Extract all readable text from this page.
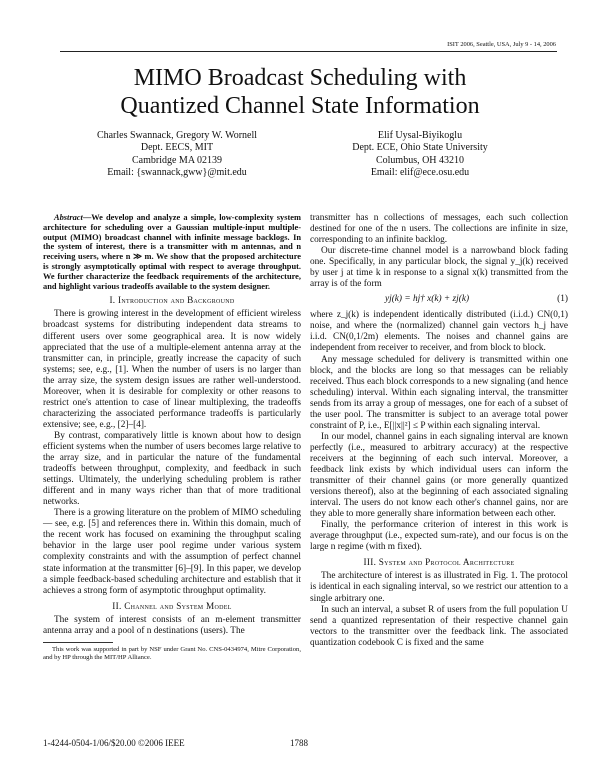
ISIT 2006, Seattle, USA, July 9 - 14, 2006
MIMO Broadcast Scheduling with
Quantized Channel State Information
Charles Swannack, Gregory W. Wornell
Dept. EECS, MIT
Cambridge MA 02139
Email: {swannack,gww}@mit.edu
Elif Uysal-Biyikoglu
Dept. ECE, Ohio State University
Columbus, OH 43210
Email: elif@ece.osu.edu
Abstract—We develop and analyze a simple, low-complexity system architecture for scheduling over a Gaussian multiple-input multiple-output (MIMO) broadcast channel with infinite message backlogs. In the system of interest, there is a transmitter with m antennas, and n receiving users, where n ≫ m. We show that the proposed architecture is strongly asymptotically optimal with respect to average throughput. We further characterize the feedback requirements of the architecture, and highlight various tradeoffs available to the system designer.
I. Introduction and Background

There is growing interest in the development of efficient wireless broadcast systems for distributing independent data streams to different users over some geographical area. It is now widely appreciated that the use of a multiple-element antenna array at the transmitter can, in principle, greatly increase the capacity of such systems; see, e.g., [1]. When the number of users is no larger than the array size, the system design issues are rather well-understood. Moreover, when it is desirable for complexity or other reasons to restrict one's attention to case of linear multiplexing, the tradeoffs characterizing the associated performance tradeoffs is particularly extensive; see, e.g., [2]–[4].

By contrast, comparatively little is known about how to design efficient systems when the number of users becomes large relative to the array size, and in particular the nature of the fundamental tradeoffs between throughput, complexity, and feedback in such settings. Ultimately, the underlying scheduling problem is rather different and in many ways richer than that of more traditional networks.

There is a growing literature on the problem of MIMO scheduling — see, e.g. [5] and references there in. Within this domain, much of the recent work has focused on examining the throughput scaling behavior in the large user pool regime under various system complexity constraints and with the assumption of perfect channel state information at the transmitter [6]–[9]. In this paper, we develop a simple feedback-based scheduling architecture and establish that it achieves a strong form of asymptotic throughput optimality.

II. Channel and System Model

The system of interest consists of an m-element transmitter antenna array and a pool of n destinations (users). The

This work was supported in part by NSF under Grant No. CNS-0434974, Mitre Corporation, and by HP through the MIT/HP Alliance.

transmitter has n collections of messages, each such collection destined for one of the n users. The collections are infinite in size, corresponding to an infinite backlog.

Our discrete-time channel model is a narrowband block fading one. Specifically, in any particular block, the signal y_j(k) received by user j at time k in response to a signal x(k) transmitted from the array is of the form

yj(k) = hj† x(k) + zj(k)	(1)

where z_j(k) is independent identically distributed (i.i.d.) CN(0,1) noise, and where the (normalized) channel gain vectors h_j have i.i.d. CN(0,1/2m) elements. The noises and channel gains are independent from receiver to receiver, and from block to block.

Any message scheduled for delivery is transmitted within one block, and the blocks are long so that messages can be reliably received. Thus each block corresponds to a new signaling (and hence scheduling) interval. Within each signaling interval, the transmitter sends from its array a group of messages, one for each of a subset of the user pool. The transmitter is subject to an average total power constraint of P, i.e., E[||x||²] ≤ P within each signaling interval.

In our model, channel gains in each signaling interval are known perfectly (i.e., measured to arbitrary accuracy) at the respective receivers at the beginning of each such interval. Moreover, a feedback link exists by which individual users can inform the transmitter of their channel gains (or more generally quantized versions thereof), also at the beginning of each associated signaling interval. The users do not know each other's channel gains, nor are they able to more generally share information between each other.

Finally, the performance criterion of interest in this work is average throughput (i.e., expected sum-rate), and our focus is on the large n regime (with m fixed).

III. System and Protocol Architecture

The architecture of interest is as illustrated in Fig. 1. The protocol is identical in each signaling interval, so we restrict our attention to a single arbitrary one.

In such an interval, a subset R of users from the full population U send a quantized representation of their respective channel gain vectors to the transmitter over the feedback link. The associated quantization codebook C is fixed and the same

1-4244-0504-1/06/$20.00 ©2006 IEEE	1788
